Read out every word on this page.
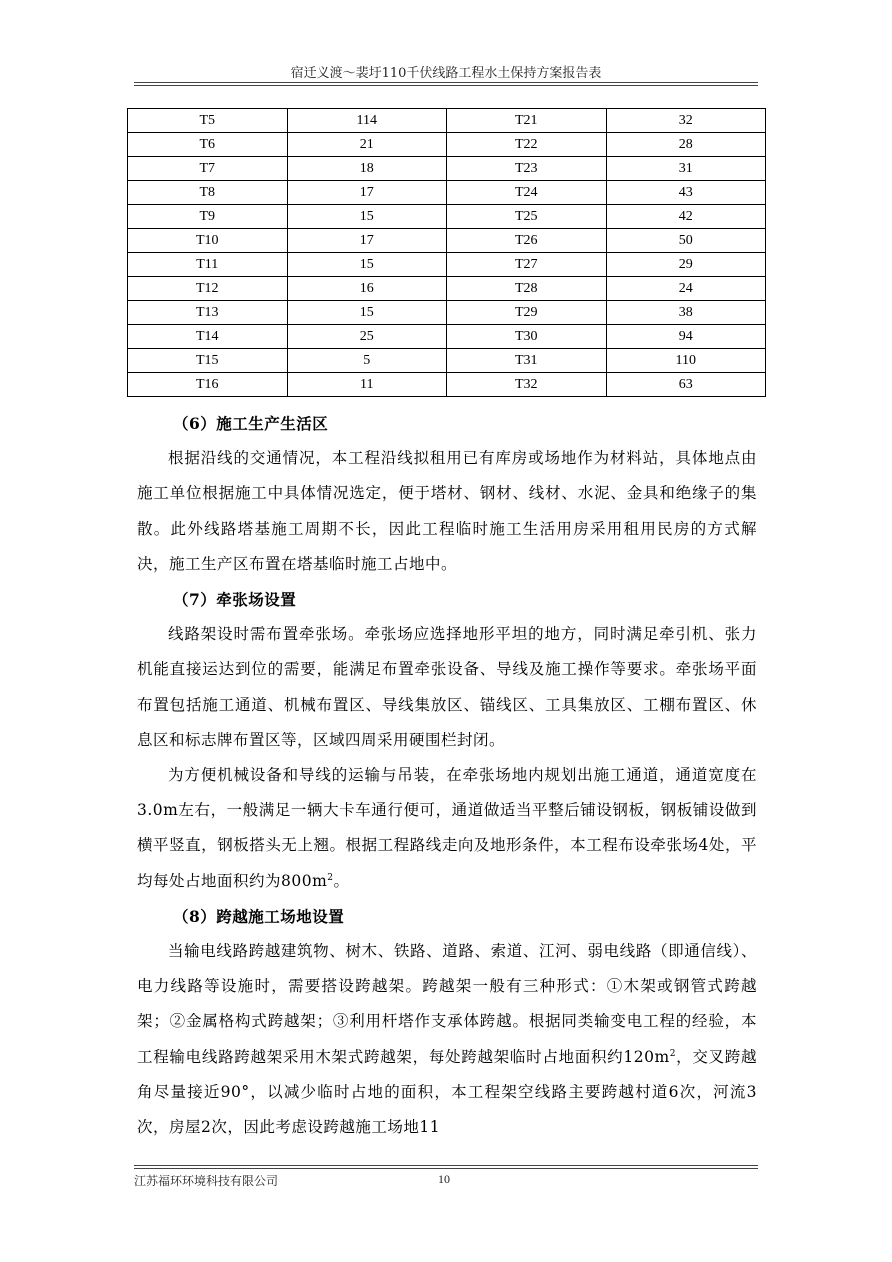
宿迁义渡～裴圩110千伏线路工程水土保持方案报告表
T5	114	T21	32
T6	21	T22	28
T7	18	T23	31
T8	17	T24	43
T9	15	T25	42
T10	17	T26	50
T11	15	T27	29
T12	16	T28	24
T13	15	T29	38
T14	25	T30	94
T15	5	T31	110
T16	11	T32	63
（6）施工生产生活区

根据沿线的交通情况，本工程沿线拟租用已有库房或场地作为材料站，具体地点由施工单位根据施工中具体情况选定，便于塔材、钢材、线材、水泥、金具和绝缘子的集散。此外线路塔基施工周期不长，因此工程临时施工生活用房采用租用民房的方式解决，施工生产区布置在塔基临时施工占地中。

（7）牵张场设置

线路架设时需布置牵张场。牵张场应选择地形平坦的地方，同时满足牵引机、张力机能直接运达到位的需要，能满足布置牵张设备、导线及施工操作等要求。牵张场平面布置包括施工通道、机械布置区、导线集放区、锚线区、工具集放区、工棚布置区、休息区和标志牌布置区等，区域四周采用硬围栏封闭。

为方便机械设备和导线的运输与吊装，在牵张场地内规划出施工通道，通道宽度在3.0m左右，一般满足一辆大卡车通行便可，通道做适当平整后铺设钢板，钢板铺设做到横平竖直，钢板搭头无上翘。根据工程路线走向及地形条件，本工程布设牵张场4处，平均每处占地面积约为$800m^2$。

（8）跨越施工场地设置

当输电线路跨越建筑物、树木、铁路、道路、索道、江河、弱电线路（即通信线）、电力线路等设施时，需要搭设跨越架。跨越架一般有三种形式：①木架或钢管式跨越架；②金属格构式跨越架；③利用杆塔作支承体跨越。根据同类输变电工程的经验，本工程输电线路跨越架采用木架式跨越架，每处跨越架临时占地面积约$120m^2$，交叉跨越角尽量接近90°，以减少临时占地的面积，本工程架空线路主要跨越村道6次，河流3次，房屋2次，因此考虑设跨越施工场地11

江苏福环环境科技有限公司	10
